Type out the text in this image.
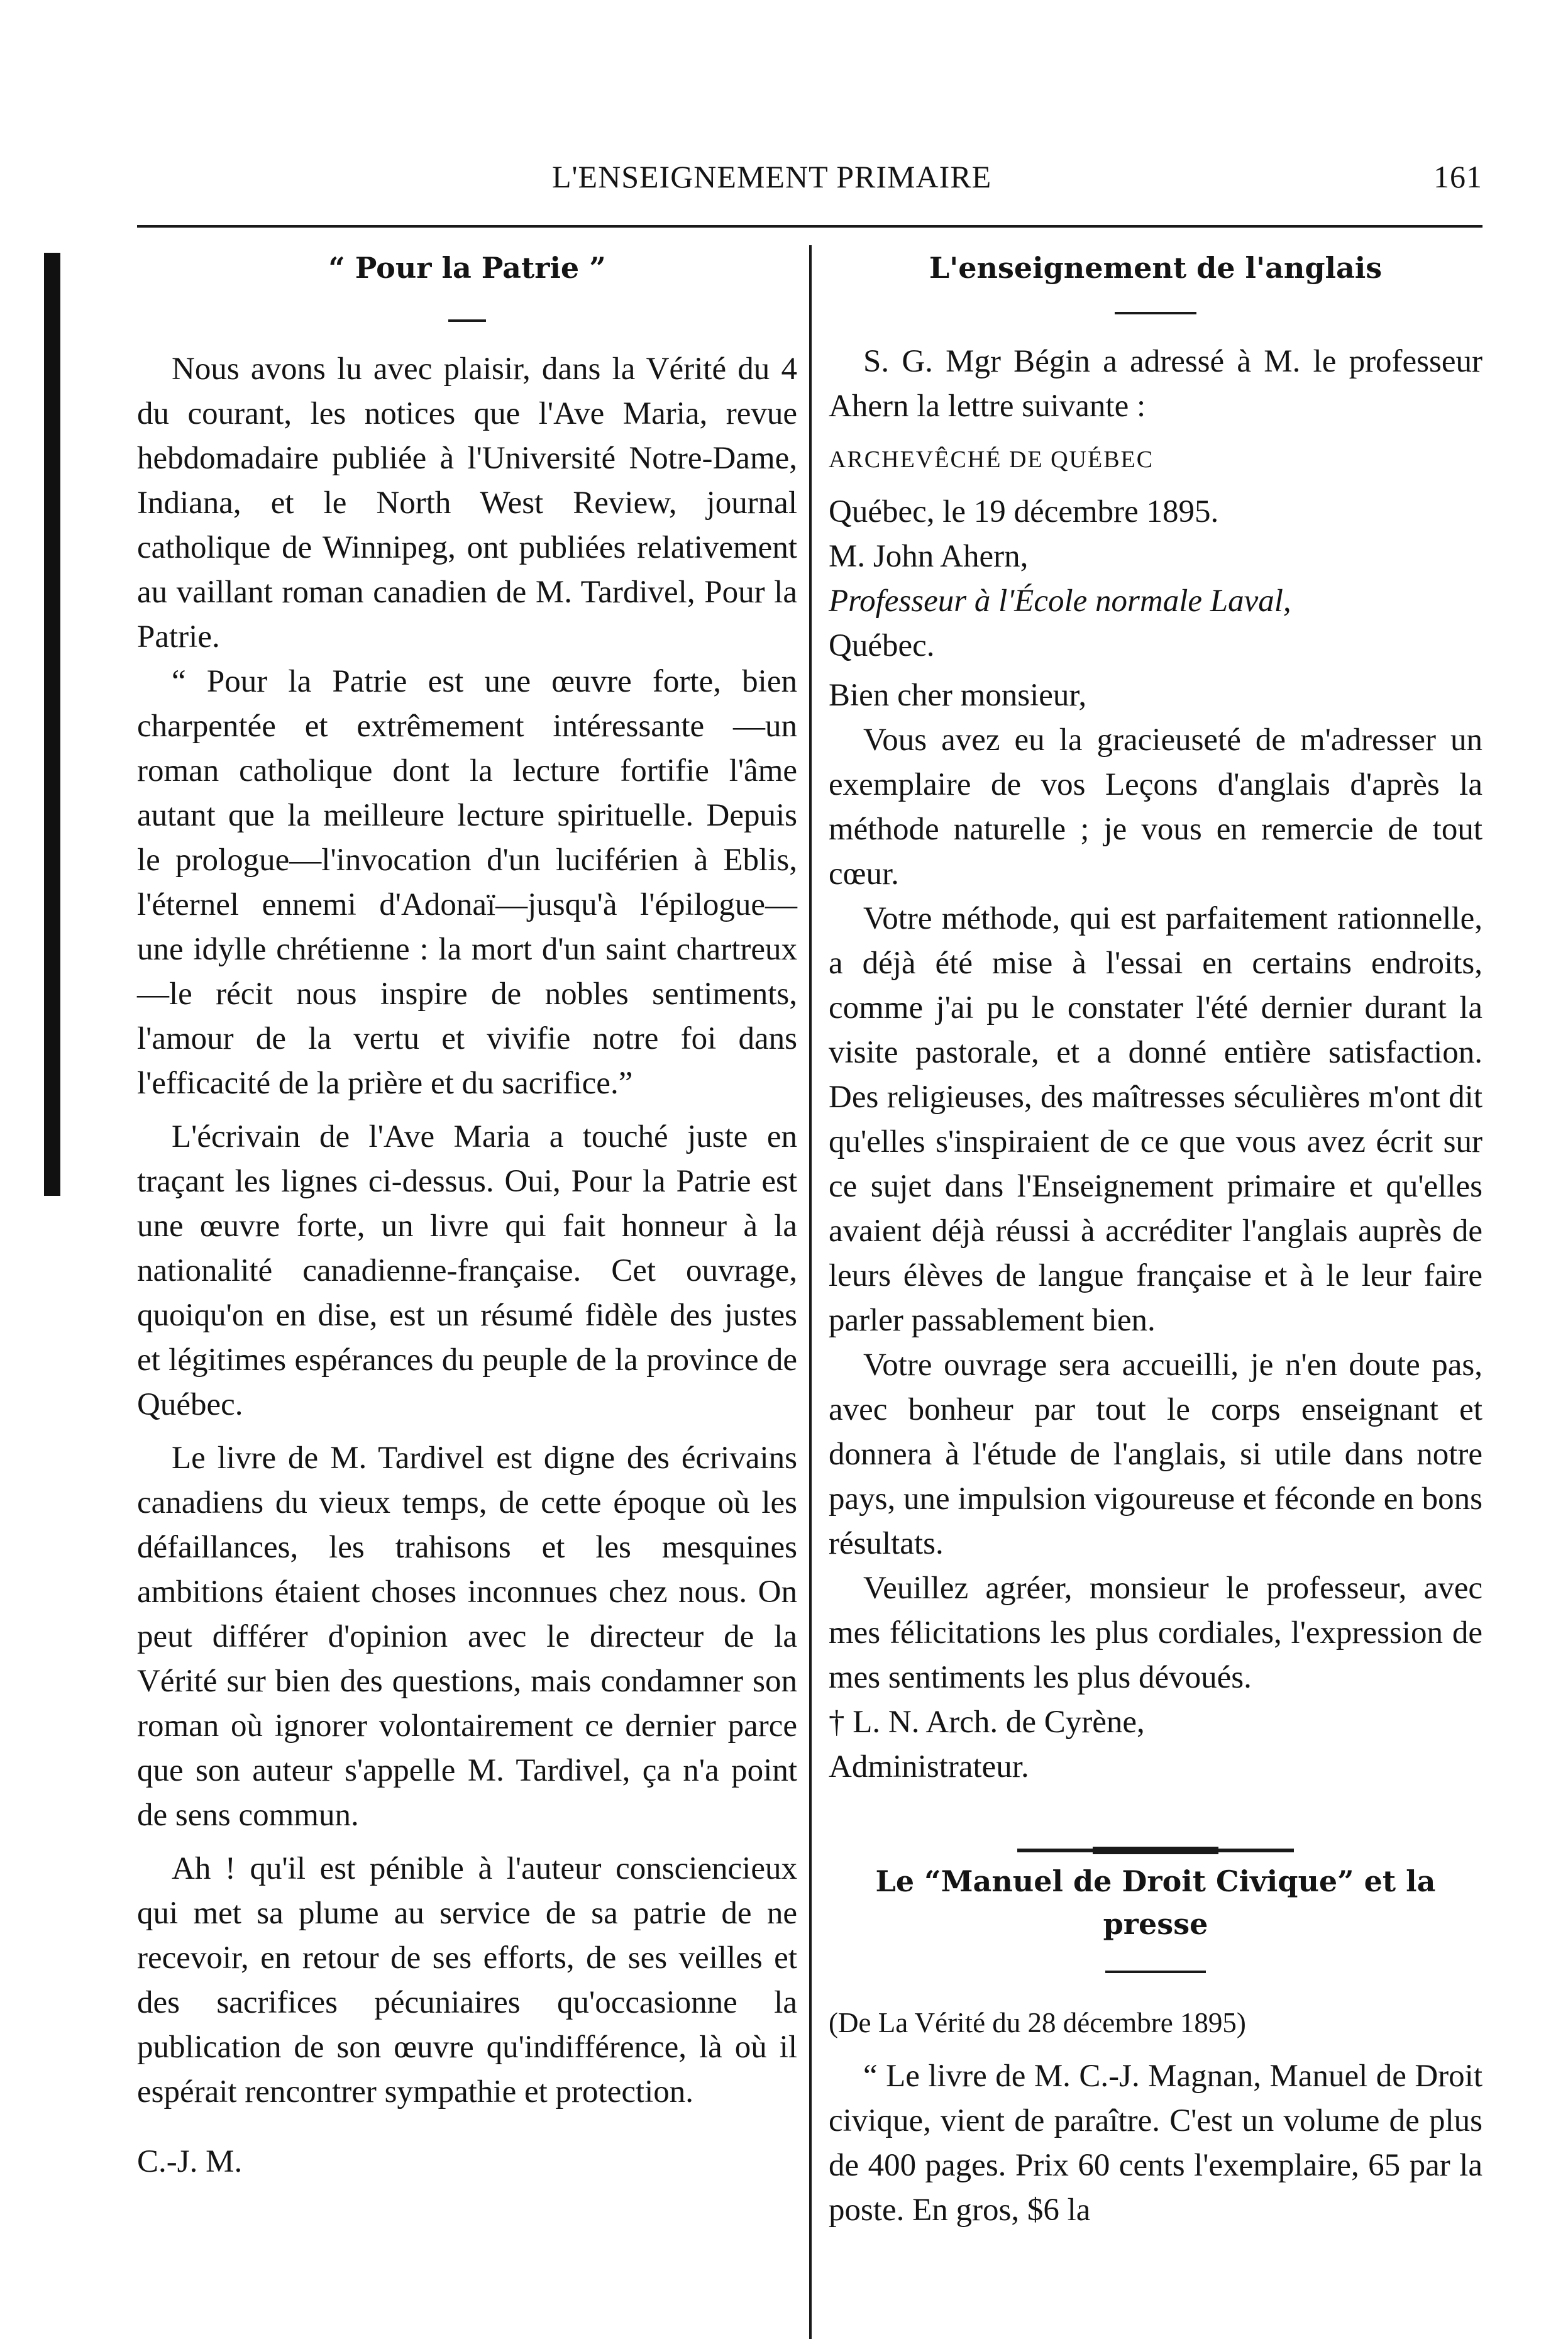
L'ENSEIGNEMENT PRIMAIRE	161
“ Pour la Patrie ”

Nous avons lu avec plaisir, dans la Vérité du 4 du courant, les notices que l'Ave Maria, revue hebdomadaire publiée à l'Université Notre-Dame, Indiana, et le North West Review, journal catholique de Winnipeg, ont publiées relativement au vaillant roman canadien de M. Tardivel, Pour la Patrie.

“ Pour la Patrie est une œuvre forte, bien charpentée et extrêmement intéressante —un roman catholique dont la lecture fortifie l'âme autant que la meilleure lecture spirituelle. Depuis le prologue—l'invocation d'un luciférien à Eblis, l'éternel ennemi d'Adonaï—jusqu'à l'épilogue—une idylle chrétienne : la mort d'un saint chartreux—le récit nous inspire de nobles sentiments, l'amour de la vertu et vivifie notre foi dans l'efficacité de la prière et du sacrifice.”

L'écrivain de l'Ave Maria a touché juste en traçant les lignes ci-dessus. Oui, Pour la Patrie est une œuvre forte, un livre qui fait honneur à la nationalité canadienne-française. Cet ouvrage, quoiqu'on en dise, est un résumé fidèle des justes et légitimes espérances du peuple de la province de Québec.

Le livre de M. Tardivel est digne des écrivains canadiens du vieux temps, de cette époque où les défaillances, les trahisons et les mesquines ambitions étaient choses inconnues chez nous. On peut différer d'opinion avec le directeur de la Vérité sur bien des questions, mais condamner son roman où ignorer volontairement ce dernier parce que son auteur s'appelle M. Tardivel, ça n'a point de sens commun.

Ah ! qu'il est pénible à l'auteur consciencieux qui met sa plume au service de sa patrie de ne recevoir, en retour de ses efforts, de ses veilles et des sacrifices pécuniaires qu'occasionne la publication de son œuvre qu'indifférence, là où il espérait rencontrer sympathie et protection.

C.-J. M.

L'enseignement de l'anglais

S. G. Mgr Bégin a adressé à M. le professeur Ahern la lettre suivante :

ARCHEVÊCHÉ DE QUÉBEC

Québec, le 19 décembre 1895.

M. John Ahern,

Professeur à l'École normale Laval,

Québec.

Bien cher monsieur,

Vous avez eu la gracieuseté de m'adresser un exemplaire de vos Leçons d'anglais d'après la méthode naturelle ; je vous en remercie de tout cœur.

Votre méthode, qui est parfaitement rationnelle, a déjà été mise à l'essai en certains endroits, comme j'ai pu le constater l'été dernier durant la visite pastorale, et a donné entière satisfaction. Des religieuses, des maîtresses séculières m'ont dit qu'elles s'inspiraient de ce que vous avez écrit sur ce sujet dans l'Enseignement primaire et qu'elles avaient déjà réussi à accréditer l'anglais auprès de leurs élèves de langue française et à le leur faire parler passablement bien.

Votre ouvrage sera accueilli, je n'en doute pas, avec bonheur par tout le corps enseignant et donnera à l'étude de l'anglais, si utile dans notre pays, une impulsion vigoureuse et féconde en bons résultats.

Veuillez agréer, monsieur le professeur, avec mes félicitations les plus cordiales, l'expression de mes sentiments les plus dévoués.

† L. N. Arch. de Cyrène,

Administrateur.

Le “Manuel de Droit Civique” et la presse

(De La Vérité du 28 décembre 1895)

“ Le livre de M. C.-J. Magnan, Manuel de Droit civique, vient de paraître. C'est un volume de plus de 400 pages. Prix 60 cents l'exemplaire, 65 par la poste. En gros, $6 la
